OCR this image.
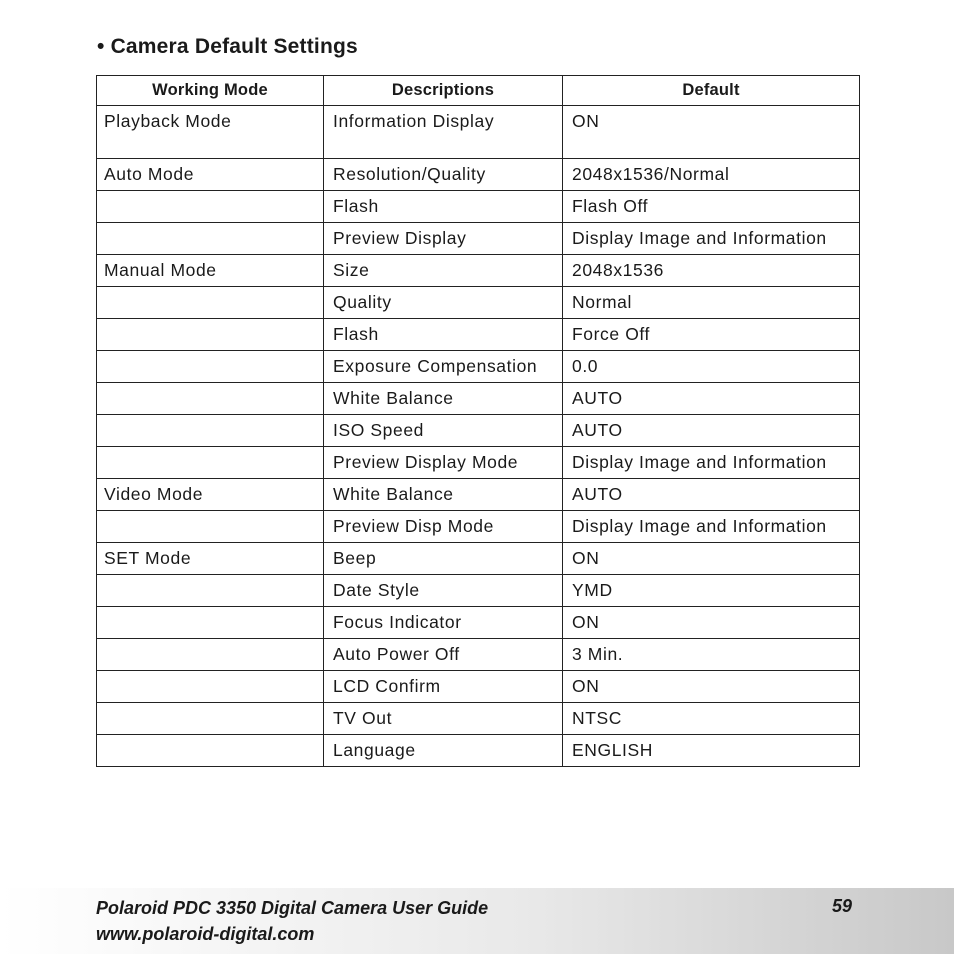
• Camera Default Settings
Working Mode	Descriptions	Default
Playback Mode	Information Display	ON
Auto Mode	Resolution/Quality	2048x1536/Normal
	Flash	Flash Off
	Preview Display	Display Image and Information
Manual Mode	Size	2048x1536
	Quality	Normal
	Flash	Force Off
	Exposure Compensation	0.0
	White Balance	AUTO
	ISO Speed	AUTO
	Preview Display Mode	Display Image and Information
Video Mode	White Balance	AUTO
	Preview Disp Mode	Display Image and Information
SET Mode	Beep	ON
	Date Style	YMD
	Focus Indicator	ON
	Auto Power Off	3 Min.
	LCD Confirm	ON
	TV Out	NTSC
	Language	ENGLISH
Polaroid PDC 3350 Digital Camera User Guide
www.polaroid-digital.com
59
